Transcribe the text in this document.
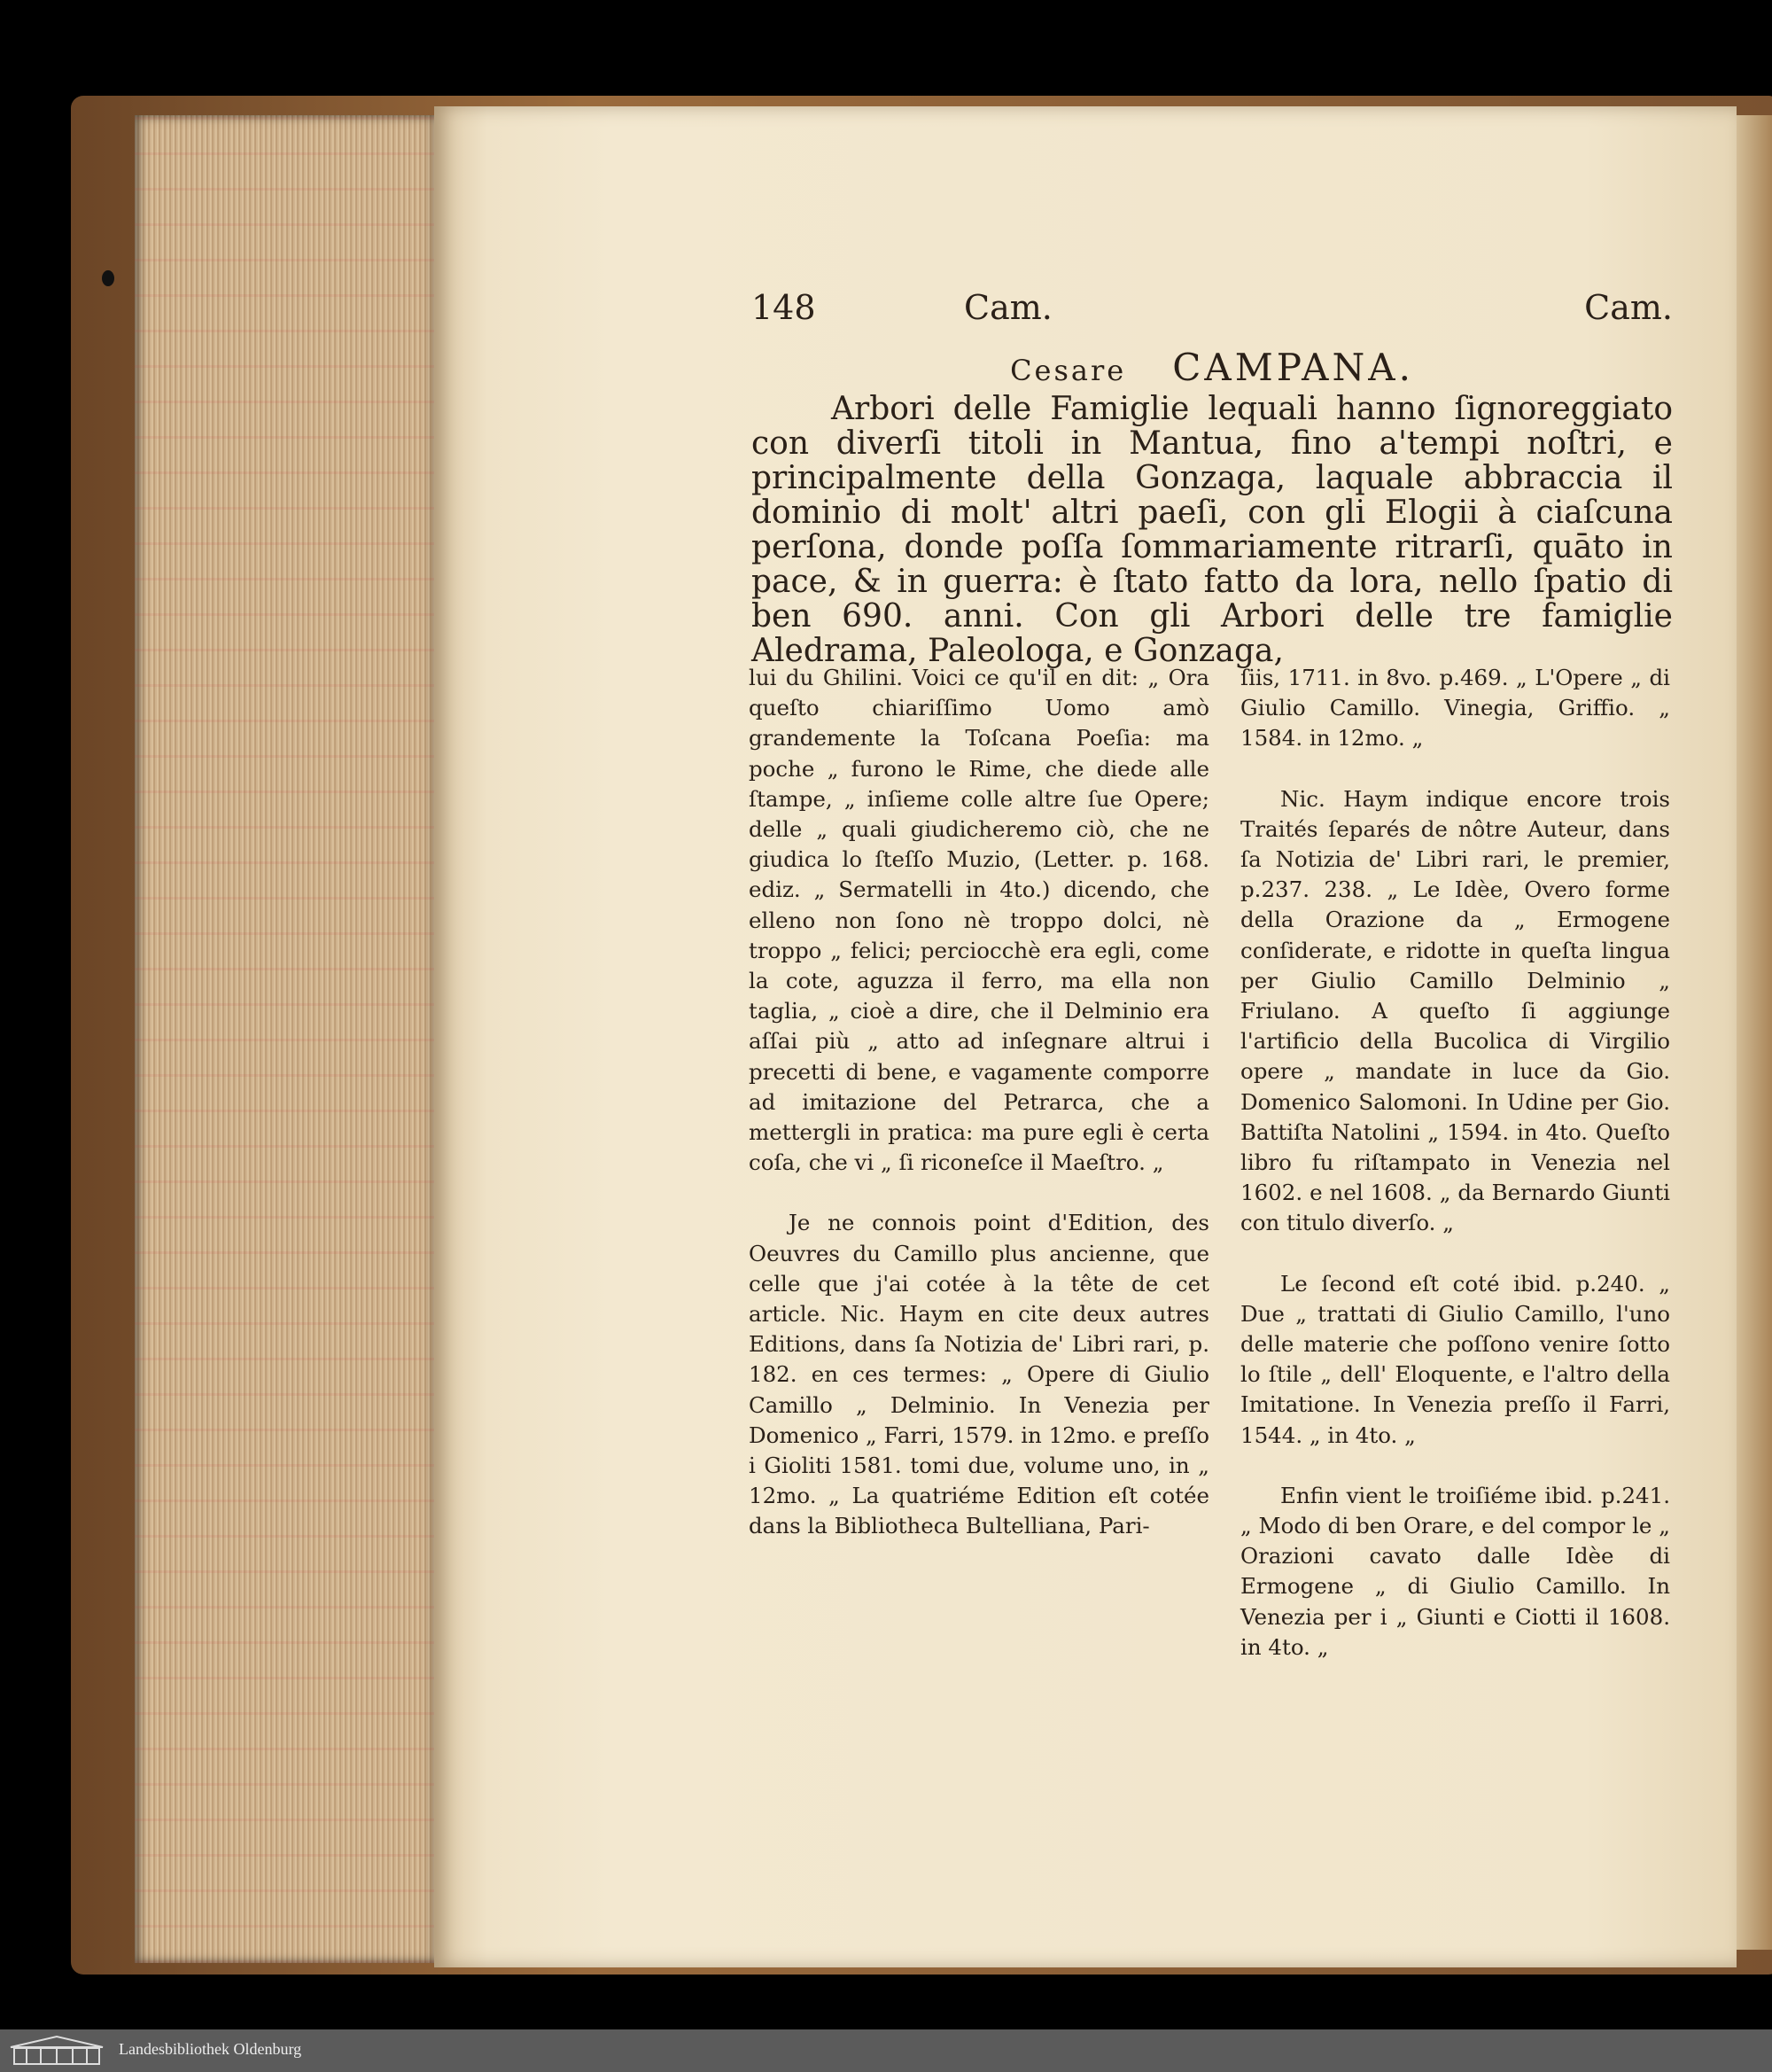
148	Cam.	Cam.
Cesare CAMPANA.

Arbori delle Famiglie lequali hanno ſignoreggiato con diverſi titoli in Mantua, fino a'tempi noſtri, e principalmente della Gonzaga, laquale abbraccia il dominio di molt' altri paeſi, con gli Elogii à ciaſcuna perſona, donde poſſa ſommariamente ritrarſi, quāto in pace, & in guerra: è ſtato fatto da lora, nello ſpatio di ben 690. anni. Con gli Arbori delle tre famiglie Aledrama, Paleologa, e Gonzaga,

lui du Ghilini. Voici ce qu'il en dit: „ Ora queſto chiariſſimo Uomo amò grandemente la Toſcana Poeſia: ma poche „ furono le Rime, che diede alle ſtampe, „ inſieme colle altre ſue Opere; delle „ quali giudicheremo ciò, che ne giudica lo ſteſſo Muzio, (Letter. p. 168. ediz. „ Sermatelli in 4to.) dicendo, che elleno non ſono nè troppo dolci, nè troppo „ felici; perciocchè era egli, come la cote, aguzza il ferro, ma ella non taglia, „ cioè a dire, che il Delminio era aſſai più „ atto ad inſegnare altrui i precetti di bene, e vagamente comporre ad imitazione del Petrarca, che a mettergli in pratica: ma pure egli è certa coſa, che vi „ ſi riconeſce il Maeſtro. „

Je ne connois point d'Edition, des Oeuvres du Camillo plus ancienne, que celle que j'ai cotée à la tête de cet article. Nic. Haym en cite deux autres Editions, dans ſa Notizia de' Libri rari, p. 182. en ces termes: „ Opere di Giulio Camillo „ Delminio. In Venezia per Domenico „ Farri, 1579. in 12mo. e preſſo i Gioliti 1581. tomi due, volume uno, in „ 12mo. „ La quatriéme Edition eſt cotée dans la Bibliotheca Bultelliana, Pari-

ſiis, 1711. in 8vo. p.469. „ L'Opere „ di Giulio Camillo. Vinegia, Griffio. „ 1584. in 12mo. „

Nic. Haym indique encore trois Traités ſeparés de nôtre Auteur, dans ſa Notizia de' Libri rari, le premier, p.237. 238. „ Le Idèe, Overo forme della Orazione da „ Ermogene conſiderate, e ridotte in queſta lingua per Giulio Camillo Delminio „ Friulano. A queſto ſi aggiunge l'artificio della Bucolica di Virgilio opere „ mandate in luce da Gio. Domenico Salomoni. In Udine per Gio. Battiſta Natolini „ 1594. in 4to. Queſto libro fu riſtampato in Venezia nel 1602. e nel 1608. „ da Bernardo Giunti con titulo diverſo. „

Le ſecond eſt coté ibid. p.240. „ Due „ trattati di Giulio Camillo, l'uno delle materie che poſſono venire ſotto lo ſtile „ dell' Eloquente, e l'altro della Imitatione. In Venezia preſſo il Farri, 1544. „ in 4to. „

Enfin vient le troiſiéme ibid. p.241. „ Modo di ben Orare, e del compor le „ Orazioni cavato dalle Idèe di Ermogene „ di Giulio Camillo. In Venezia per i „ Giunti e Ciotti il 1608. in 4to. „

Landesbibliothek Oldenburg
